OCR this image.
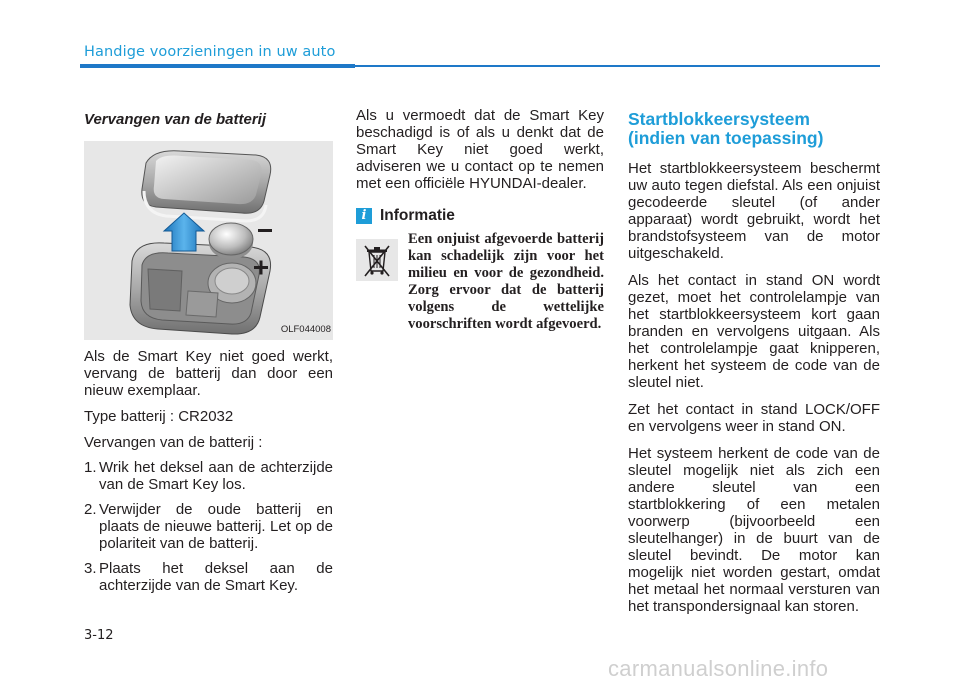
Handige voorzieningen in uw auto
Vervangen van de batterij
OLF044008

Als de Smart Key niet goed werkt, vervang de batterij dan door een nieuw exemplaar.

Type batterij : CR2032

Vervangen van de batterij :

1. Wrik het deksel aan de achterzijde van de Smart Key los.
2. Verwijder de oude batterij en plaats de nieuwe batterij. Let op de polariteit van de batterij.
3. Plaats het deksel aan de achterzijde van de Smart Key.

Als u vermoedt dat de Smart Key beschadigd is of als u denkt dat de Smart Key niet goed werkt, adviseren we u contact op te nemen met een officiële HYUNDAI-dealer.

i Informatie
Een onjuist afgevoerde batterij kan schadelijk zijn voor het milieu en voor de gezondheid. Zorg ervoor dat de batterij volgens de wettelijke voorschriften wordt afgevoerd.
Startblokkeersysteem
(indien van toepassing)

Het startblokkeersysteem beschermt uw auto tegen diefstal. Als een onjuist gecodeerde sleutel (of ander apparaat) wordt gebruikt, wordt het brandstofsysteem van de motor uitgeschakeld.

Als het contact in stand ON wordt gezet, moet het controlelampje van het startblokkeersysteem kort gaan branden en vervolgens uitgaan. Als het controlelampje gaat knipperen, herkent het systeem de code van de sleutel niet.

Zet het contact in stand LOCK/OFF en vervolgens weer in stand ON.

Het systeem herkent de code van de sleutel mogelijk niet als zich een andere sleutel van een startblokkering of een metalen voorwerp (bijvoorbeeld een sleutelhanger) in de buurt van de sleutel bevindt. De motor kan mogelijk niet worden gestart, omdat het metaal het normaal versturen van het transpondersignaal kan storen.

3-12
carmanualsonline.info
